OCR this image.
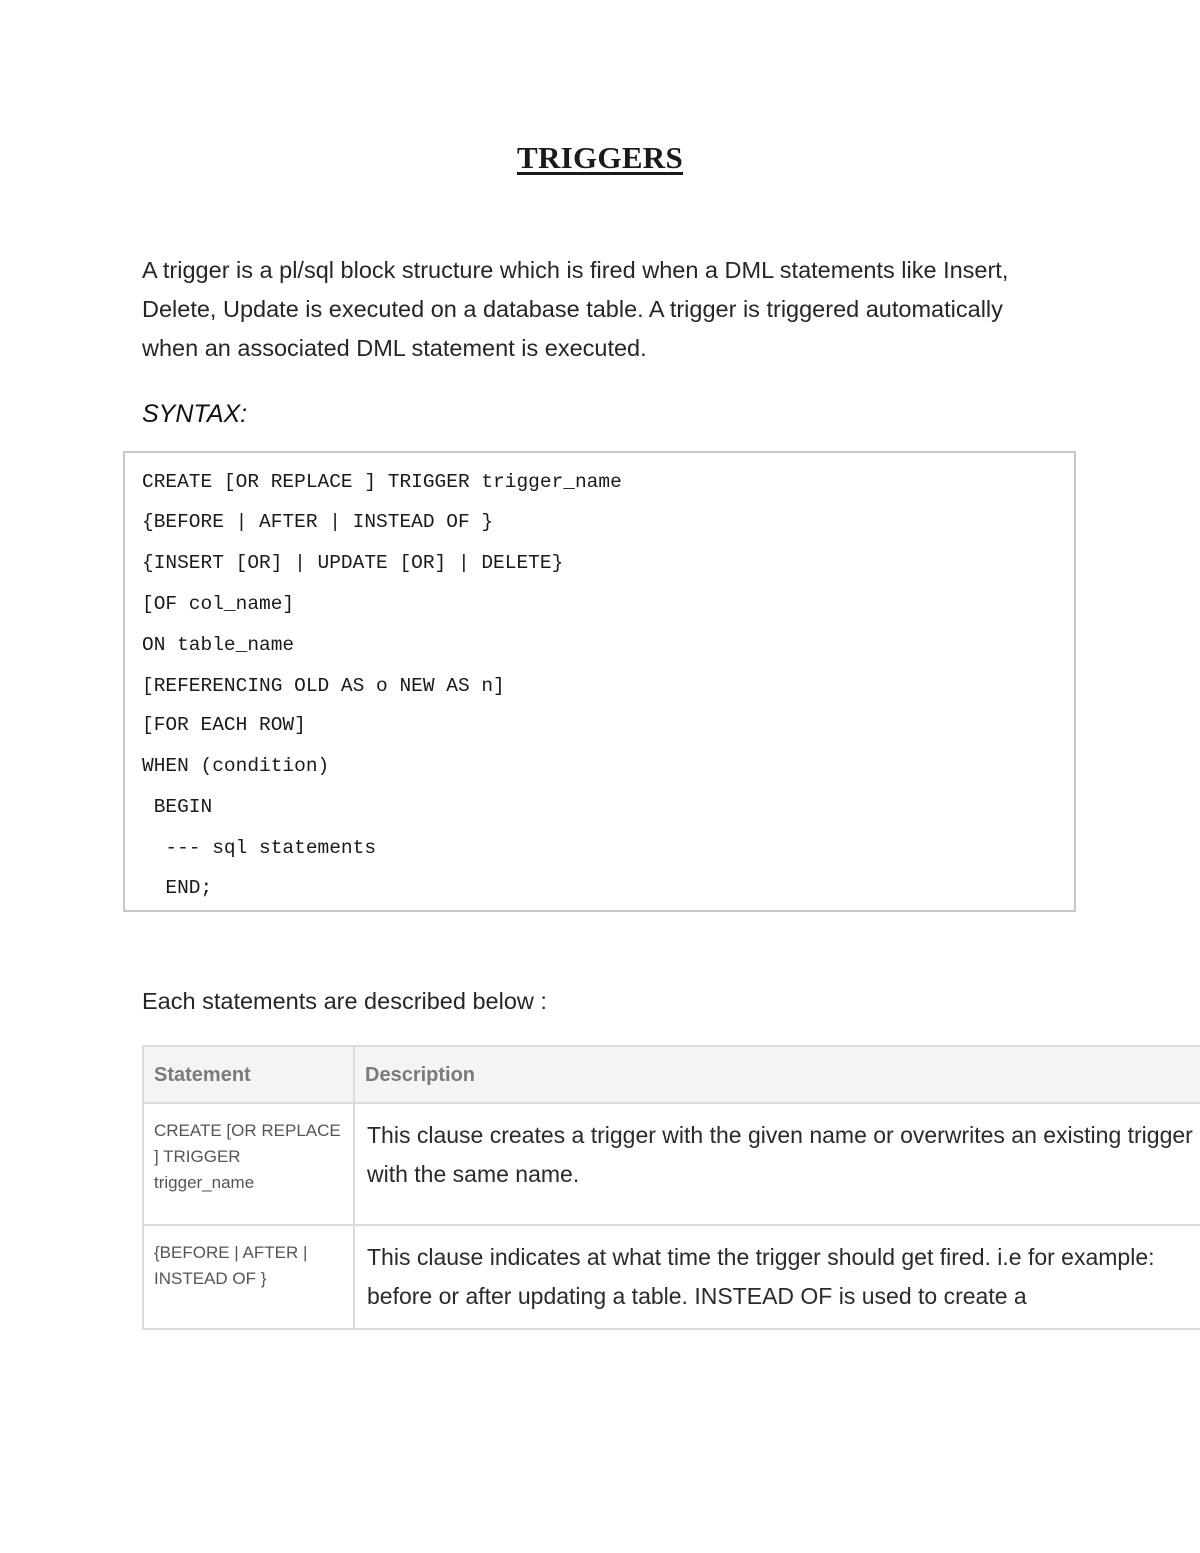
TRIGGERS

A trigger is a pl/sql block structure which is fired when a DML statements like Insert, Delete, Update is executed on a database table. A trigger is triggered automatically when an associated DML statement is executed.

SYNTAX:

CREATE [OR REPLACE ] TRIGGER trigger_name
{BEFORE | AFTER | INSTEAD OF }
{INSERT [OR] | UPDATE [OR] | DELETE}
[OF col_name]
ON table_name
[REFERENCING OLD AS o NEW AS n]
[FOR EACH ROW]
WHEN (condition)
BEGIN
--- sql statements
END;

Each statements are described below :

Statement	Description
CREATE [OR REPLACE ] TRIGGER trigger_name	This clause creates a trigger with the given name or overwrites an existing trigger with the same name.
{BEFORE | AFTER | INSTEAD OF }	This clause indicates at what time the trigger should get fired. i.e for example: before or after updating a table. INSTEAD OF is used to create a
